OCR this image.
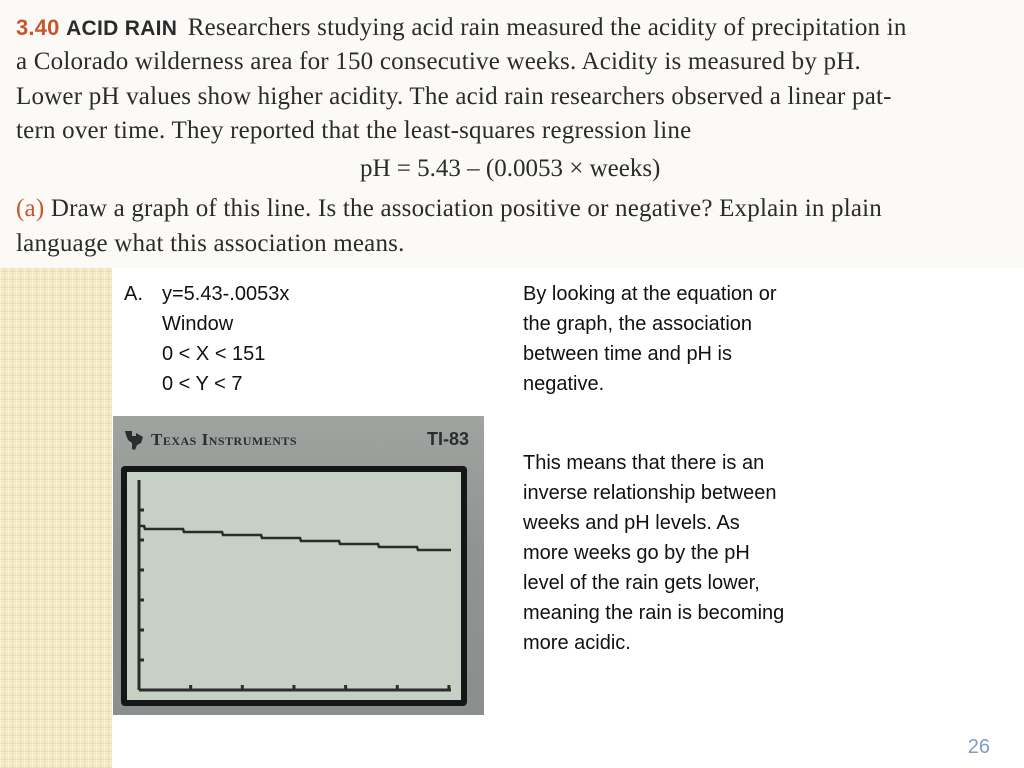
3.40 ACID RAIN Researchers studying acid rain measured the acidity of precipitation in
a Colorado wilderness area for 150 consecutive weeks. Acidity is measured by pH.
Lower pH values show higher acidity. The acid rain researchers observed a linear pat-
tern over time. They reported that the least-squares regression line
pH = 5.43 – (0.0053 × weeks)
(a) Draw a graph of this line. Is the association positive or negative? Explain in plain
language what this association means.
A. y=5.43-.0053x
Window
0 < X < 151
0 < Y < 7
By looking at the equation or
the graph, the association
between time and pH is
negative.
This means that there is an
inverse relationship between
weeks and pH levels. As
more weeks go by the pH
level of the rain gets lower,
meaning the rain is becoming
more acidic.
Texas Instruments	TI-83
26
